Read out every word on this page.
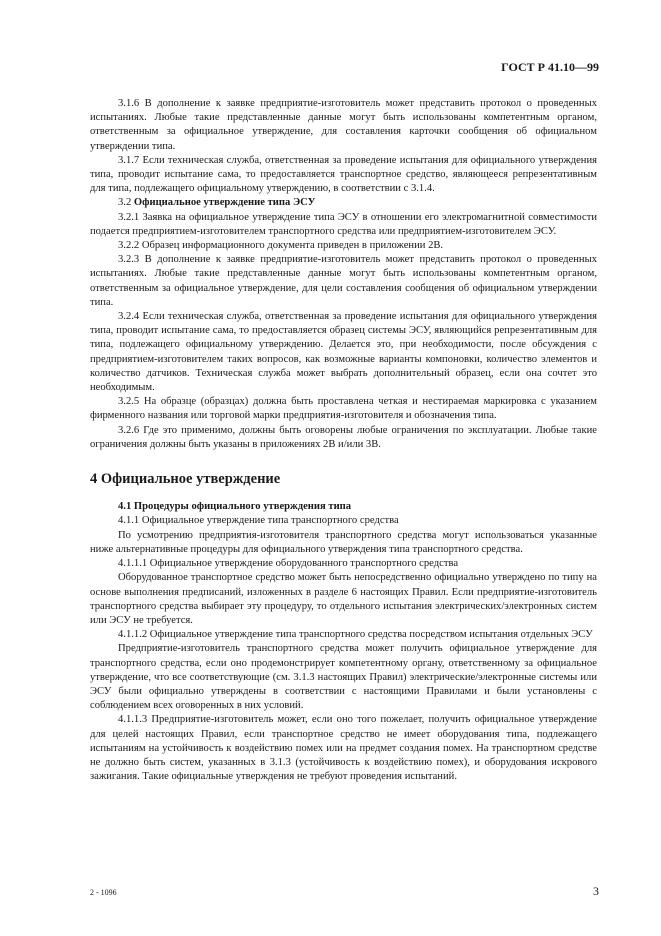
ГОСТ Р 41.10—99

3.1.6 В дополнение к заявке предприятие-изготовитель может представить протокол о проведенных испытаниях. Любые такие представленные данные могут быть использованы компетентным органом, ответственным за официальное утверждение, для составления карточки сообщения об официальном утверждении типа.

3.1.7 Если техническая служба, ответственная за проведение испытания для официального утверждения типа, проводит испытание сама, то предоставляется транспортное средство, являющееся репрезентативным для типа, подлежащего официальному утверждению, в соответствии с 3.1.4.

3.2 Официальное утверждение типа ЭСУ

3.2.1 Заявка на официальное утверждение типа ЭСУ в отношении его электромагнитной совместимости подается предприятием-изготовителем транспортного средства или предприятием-изготовителем ЭСУ.

3.2.2 Образец информационного документа приведен в приложении 2В.

3.2.3 В дополнение к заявке предприятие-изготовитель может представить протокол о проведенных испытаниях. Любые такие представленные данные могут быть использованы компетентным органом, ответственным за официальное утверждение, для цели составления сообщения об официальном утверждении типа.

3.2.4 Если техническая служба, ответственная за проведение испытания для официального утверждения типа, проводит испытание сама, то предоставляется образец системы ЭСУ, являющийся репрезентативным для типа, подлежащего официальному утверждению. Делается это, при необходимости, после обсуждения с предприятием-изготовителем таких вопросов, как возможные варианты компоновки, количество элементов и количество датчиков. Техническая служба может выбрать дополнительный образец, если она сочтет это необходимым.

3.2.5 На образце (образцах) должна быть проставлена четкая и нестираемая маркировка с указанием фирменного названия или торговой марки предприятия-изготовителя и обозначения типа.

3.2.6 Где это применимо, должны быть оговорены любые ограничения по эксплуатации. Любые такие ограничения должны быть указаны в приложениях 2В и/или 3В.

4 Официальное утверждение

4.1 Процедуры официального утверждения типа

4.1.1 Официальное утверждение типа транспортного средства

По усмотрению предприятия-изготовителя транспортного средства могут использоваться указанные ниже альтернативные процедуры для официального утверждения типа транспортного средства.

4.1.1.1 Официальное утверждение оборудованного транспортного средства

Оборудованное транспортное средство может быть непосредственно официально утверждено по типу на основе выполнения предписаний, изложенных в разделе 6 настоящих Правил. Если предприятие-изготовитель транспортного средства выбирает эту процедуру, то отдельного испытания электрических/электронных систем или ЭСУ не требуется.

4.1.1.2 Официальное утверждение типа транспортного средства посредством испытания отдельных ЭСУ

Предприятие-изготовитель транспортного средства может получить официальное утверждение для транспортного средства, если оно продемонстрирует компетентному органу, ответственному за официальное утверждение, что все соответствующие (см. 3.1.3 настоящих Правил) электрические/электронные системы или ЭСУ были официально утверждены в соответствии с настоящими Правилами и были установлены с соблюдением всех оговоренных в них условий.

4.1.1.3 Предприятие-изготовитель может, если оно того пожелает, получить официальное утверждение для целей настоящих Правил, если транспортное средство не имеет оборудования типа, подлежащего испытаниям на устойчивость к воздействию помех или на предмет создания помех. На транспортном средстве не должно быть систем, указанных в 3.1.3 (устойчивость к воздействию помех), и оборудования искрового зажигания. Такие официальные утверждения не требуют проведения испытаний.

2 - 1096	3
